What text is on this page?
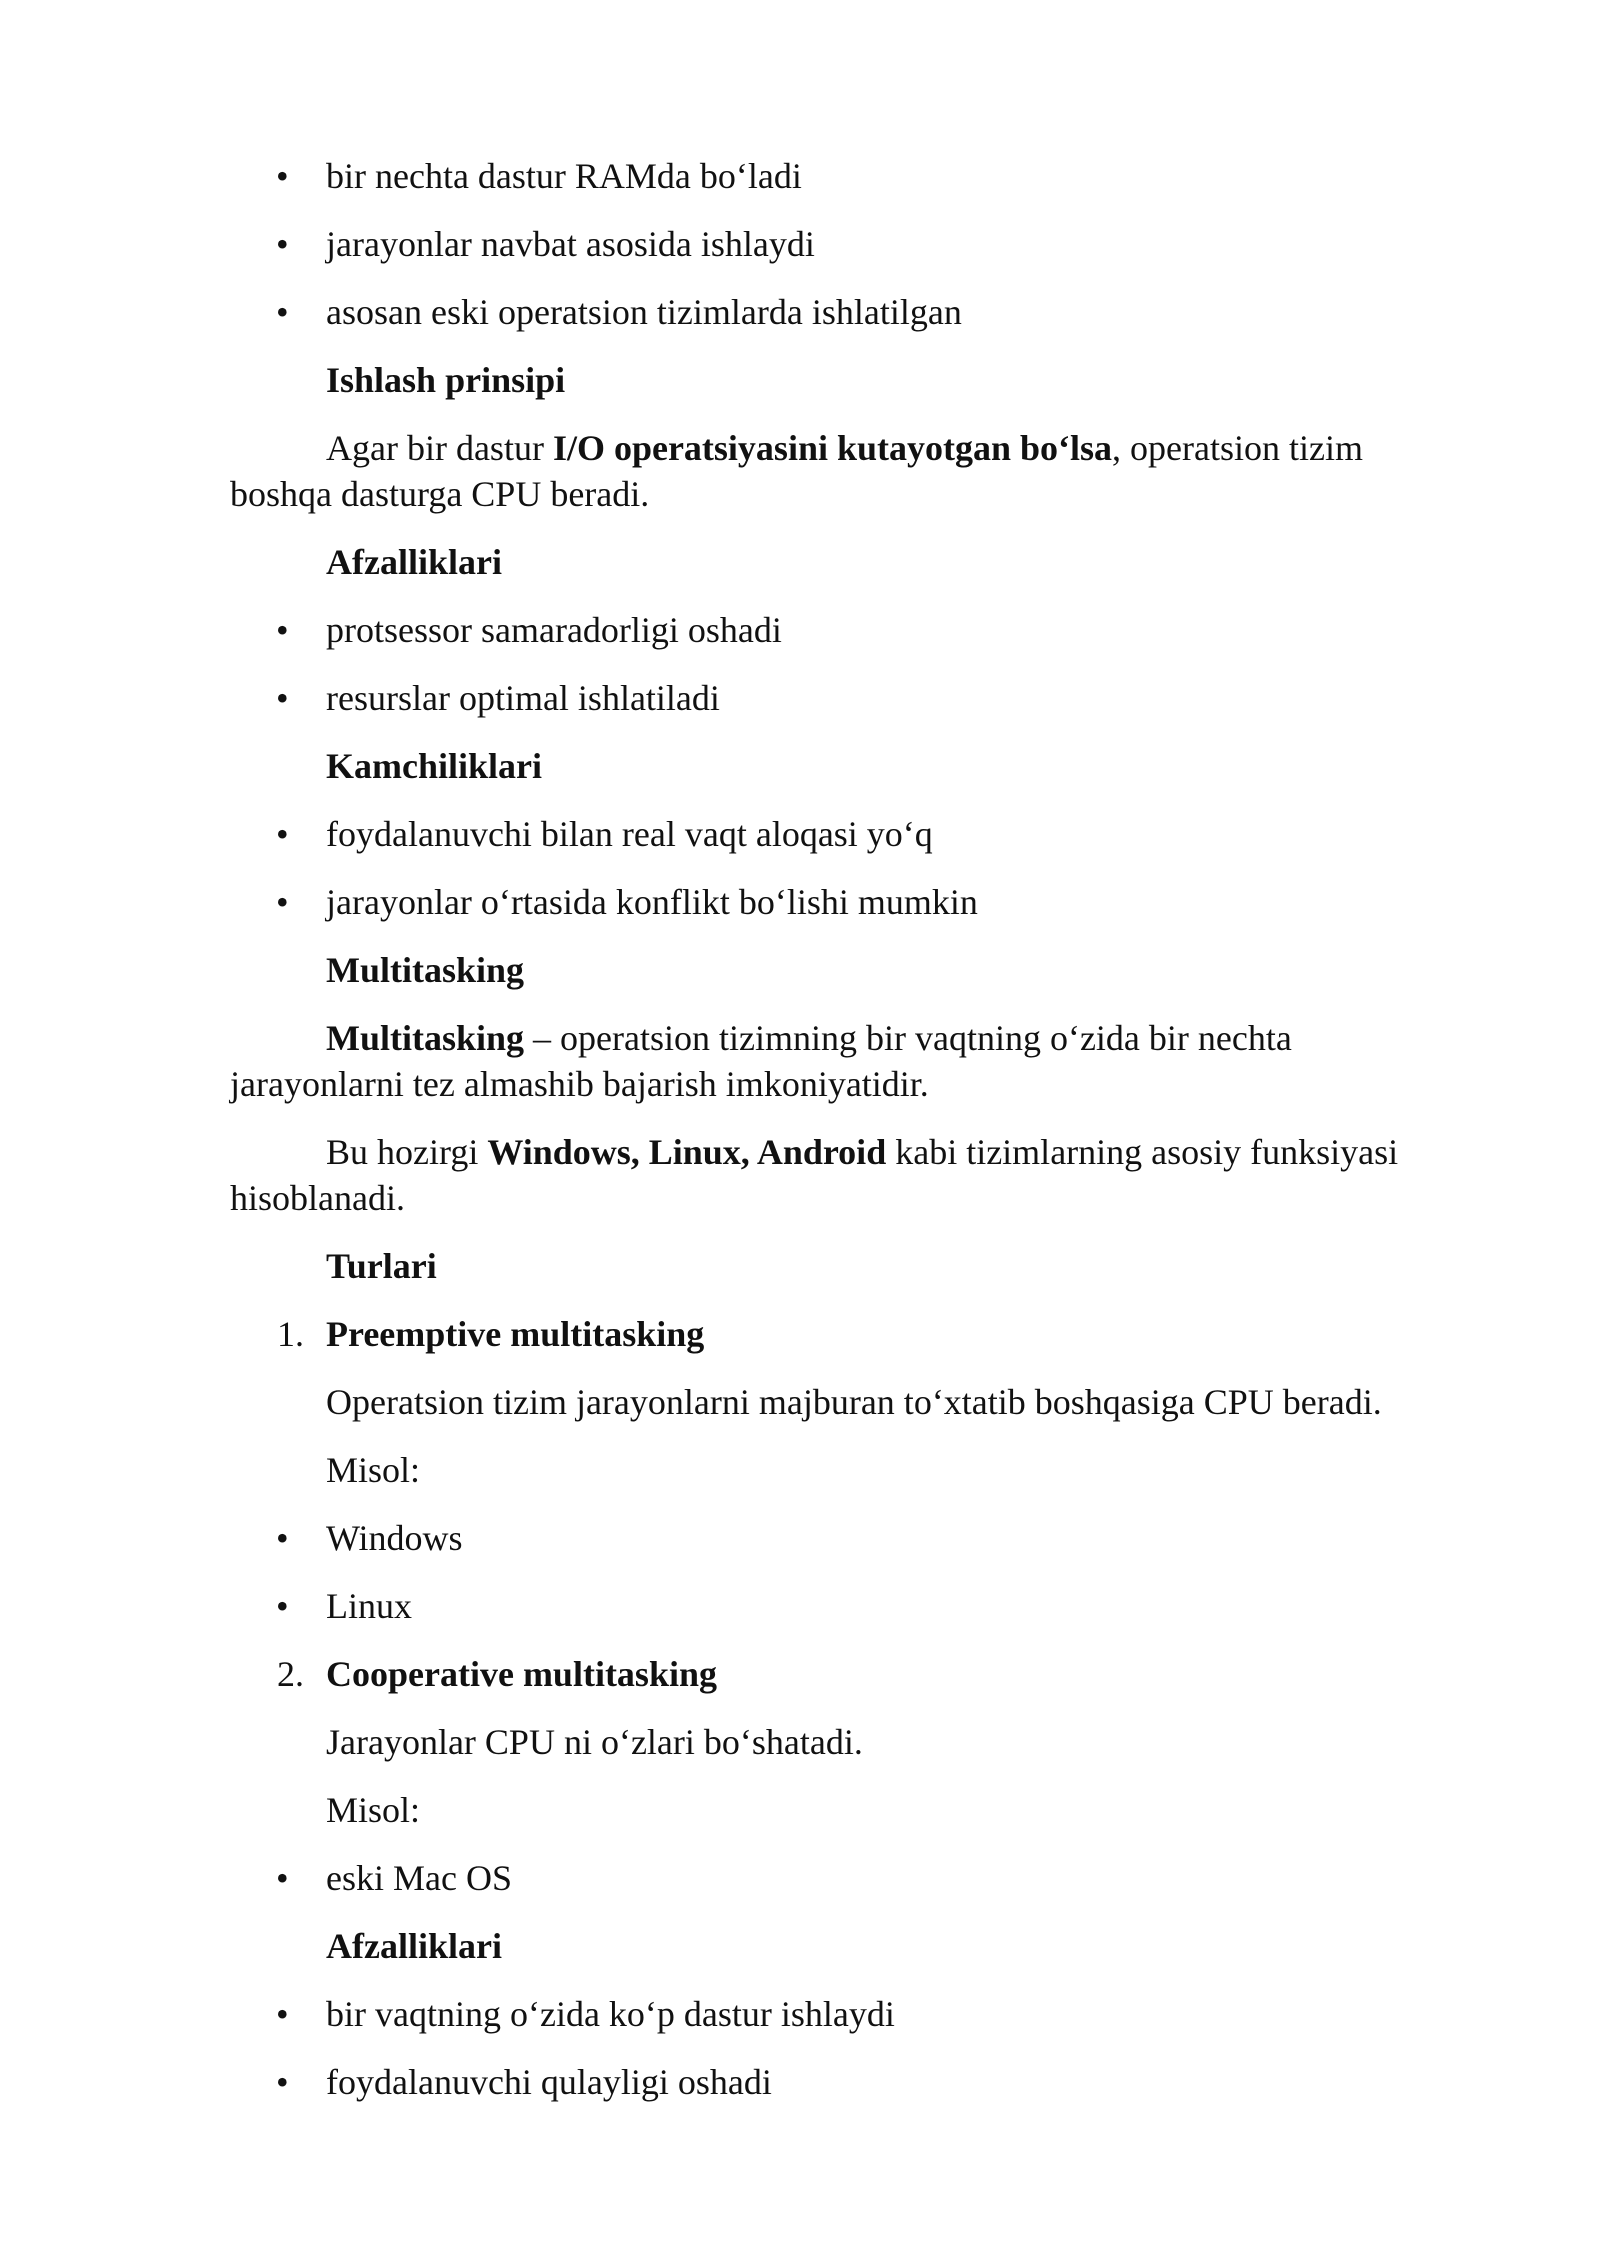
• bir nechta dastur RAMda bo‘ladi

• jarayonlar navbat asosida ishlaydi

• asosan eski operatsion tizimlarda ishlatilgan

Ishlash prinsipi

Agar bir dastur I/O operatsiyasini kutayotgan bo‘lsa, operatsion tizim

boshqa dasturga CPU beradi.

Afzalliklari

• protsessor samaradorligi oshadi

• resurslar optimal ishlatiladi

Kamchiliklari

• foydalanuvchi bilan real vaqt aloqasi yo‘q

• jarayonlar o‘rtasida konflikt bo‘lishi mumkin

Multitasking

Multitasking – operatsion tizimning bir vaqtning o‘zida bir nechta

jarayonlarni tez almashib bajarish imkoniyatidir.

Bu hozirgi Windows, Linux, Android kabi tizimlarning asosiy funksiyasi

hisoblanadi.

Turlari

1. Preemptive multitasking

Operatsion tizim jarayonlarni majburan to‘xtatib boshqasiga CPU beradi.

Misol:

• Windows

• Linux

2. Cooperative multitasking

Jarayonlar CPU ni o‘zlari bo‘shatadi.

Misol:

• eski Mac OS

Afzalliklari

• bir vaqtning o‘zida ko‘p dastur ishlaydi

• foydalanuvchi qulayligi oshadi
